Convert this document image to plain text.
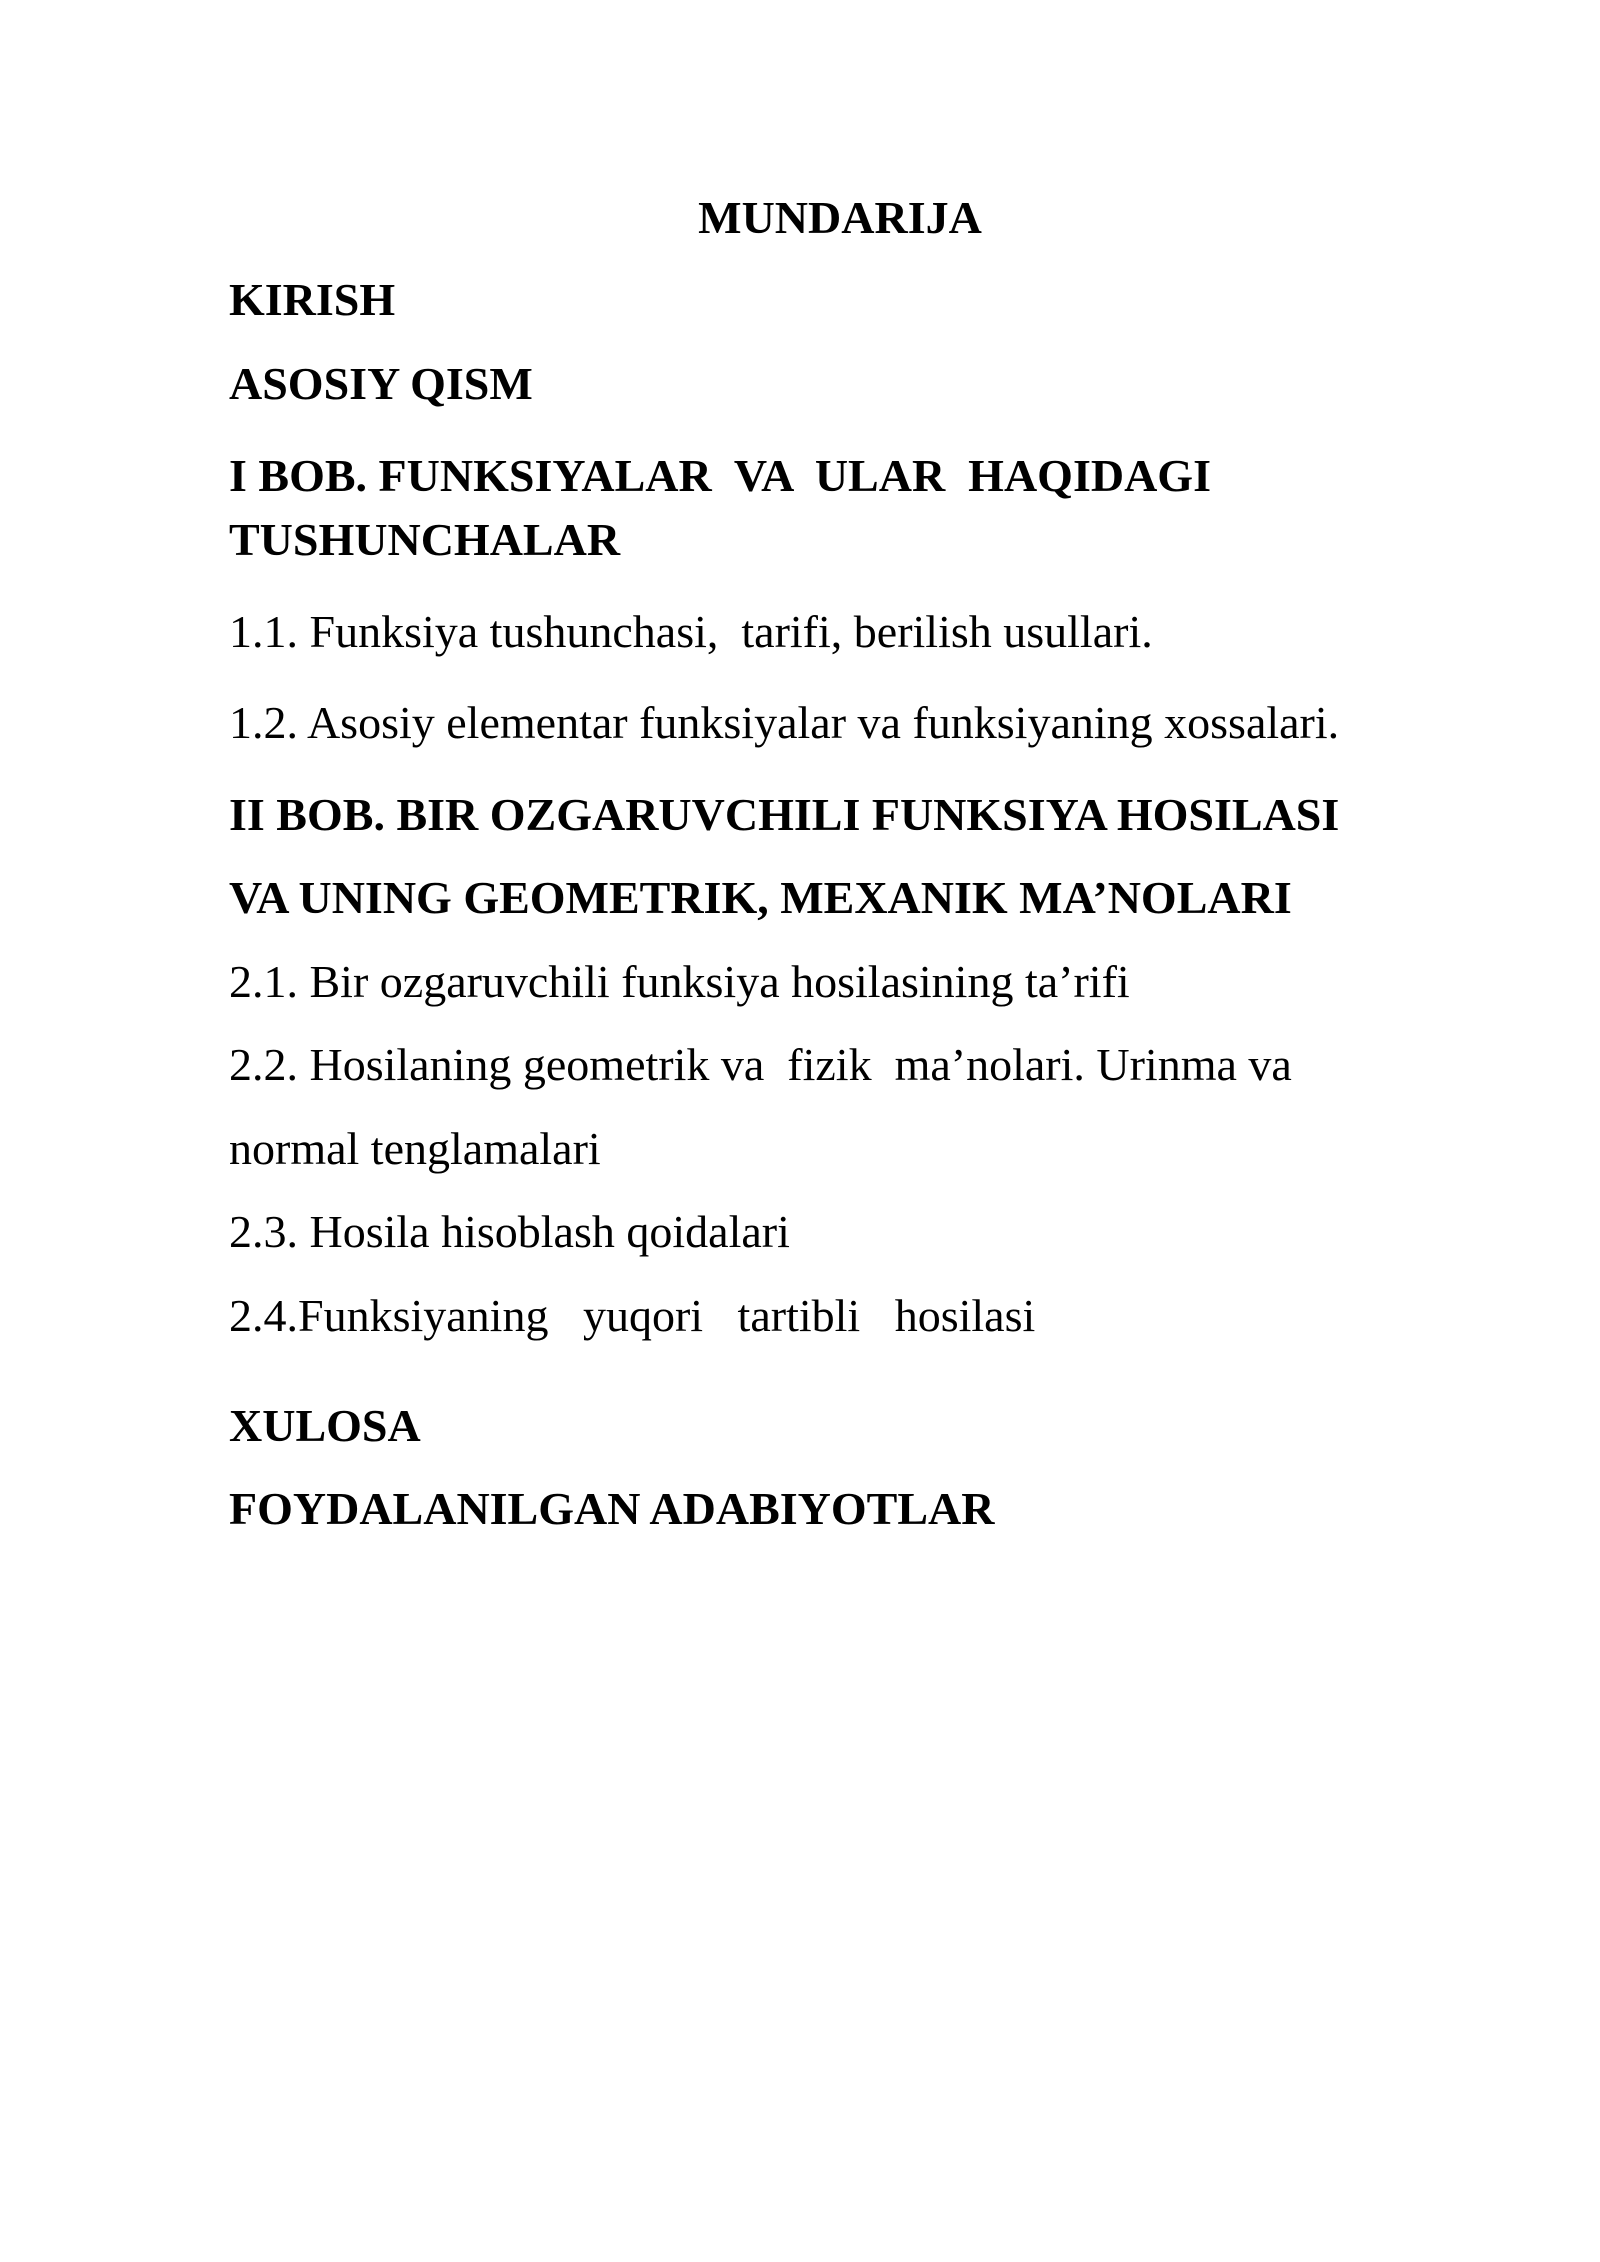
MUNDARIJA

KIRISH

ASOSIY QISM

I BOB. FUNKSIYALAR  VA  ULAR  HAQIDAGI

TUSHUNCHALAR

1.1. Funksiya tushunchasi,  tarifi, berilish usullari.

1.2. Asosiy elementar funksiyalar va funksiyaning xossalari.

II BOB. BIR OZGARUVCHILI FUNKSIYA HOSILASI

VA UNING GEOMETRIK, MEXANIK MA’NOLARI

2.1. Bir ozgaruvchili funksiya hosilasining ta’rifi

2.2. Hosilaning geometrik va  fizik  ma’nolari. Urinma va

normal tenglamalari

2.3. Hosila hisoblash qoidalari

2.4.Funksiyaning   yuqori   tartibli   hosilasi

XULOSA

FOYDALANILGAN ADABIYOTLAR
